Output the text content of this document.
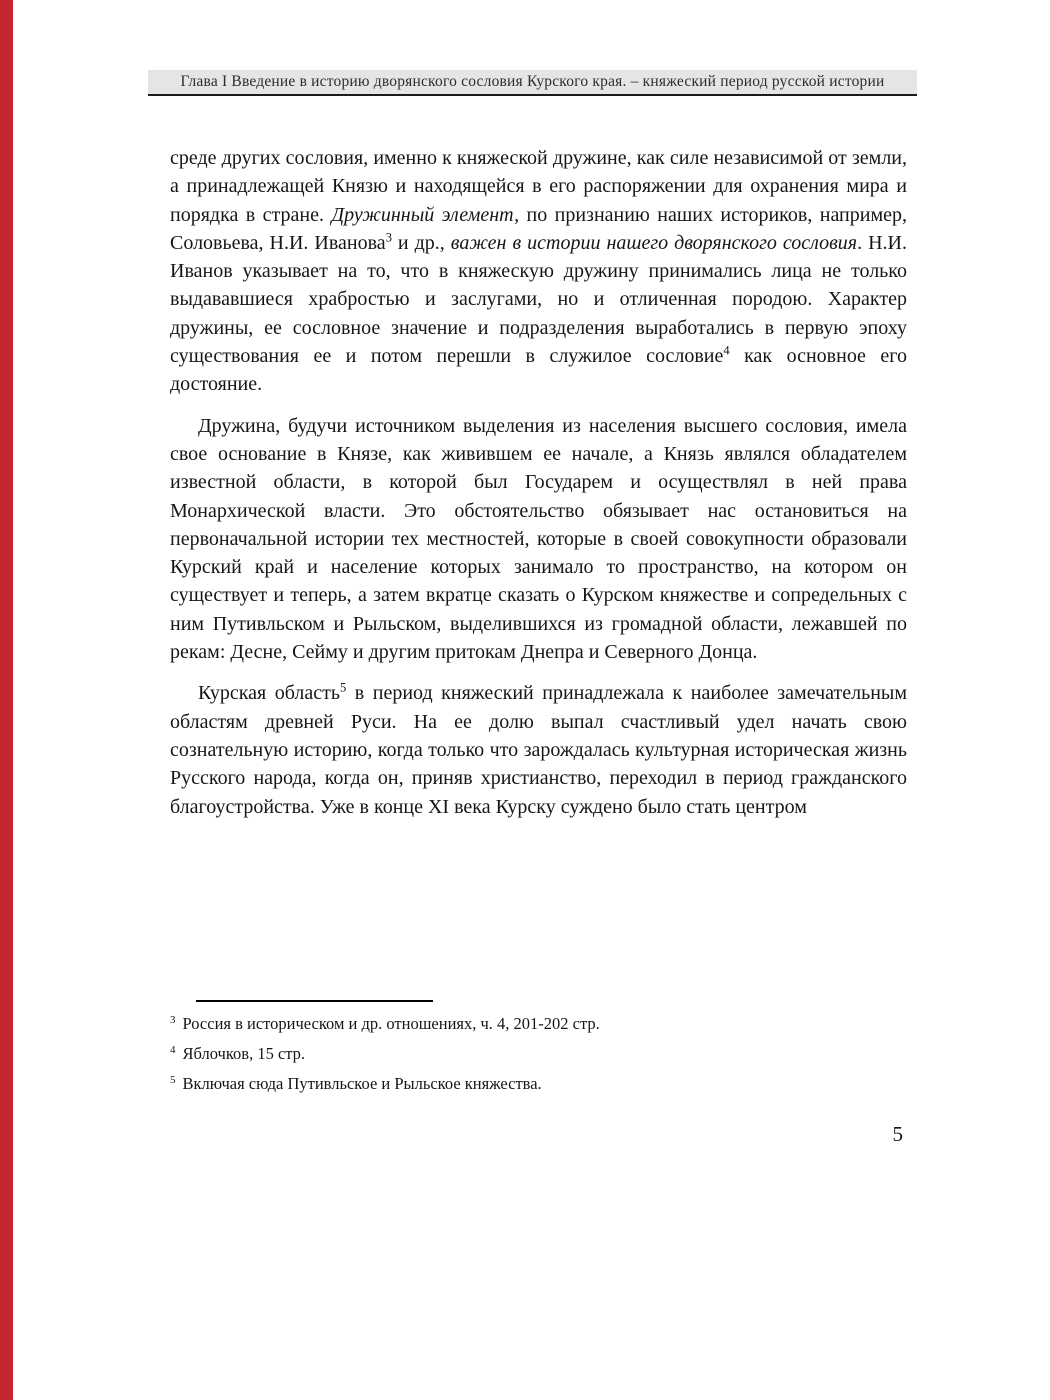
Глава I Введение в историю дворянского сословия Курского края. – княжеский период русской истории

среде других сословия, именно к княжеской дружине, как силе независимой от земли, а принадлежащей Князю и находящейся в его распоряжении для охранения мира и порядка в стране. Дружинный элемент, по признанию наших историков, например, Соловьева, Н.И. Иванова$^3$ и др., важен в истории нашего дворянского сословия. Н.И. Иванов указывает на то, что в княжескую дружину принимались лица не только выдававшиеся храбростью и заслугами, но и отличенная породою. Характер дружины, ее сословное значение и подразделения выработались в первую эпоху существования ее и потом перешли в служилое сословие$^4$ как основное его достояние.

Дружина, будучи источником выделения из населения высшего сословия, имела свое основание в Князе, как живившем ее начале, а Князь являлся обладателем известной области, в которой был Государем и осуществлял в ней права Монархической власти. Это обстоятельство обязывает нас остановиться на первоначальной истории тех местностей, которые в своей совокупности образовали Курский край и население которых занимало то пространство, на котором он существует и теперь, а затем вкратце сказать о Курском княжестве и сопредельных с ним Путивльском и Рыльском, выделившихся из громадной области, лежавшей по рекам: Десне, Сейму и другим притокам Днепра и Северного Донца.

Курская область$^5$ в период княжеский принадлежала к наиболее замечательным областям древней Руси. На ее долю выпал счастливый удел начать свою сознательную историю, когда только что зарождалась культурная историческая жизнь Русского народа, когда он, приняв христианство, переходил в период гражданского благоустройства. Уже в конце XI века Курску суждено было стать центром

$^3$ Россия в историческом и др. отношениях, ч. 4, 201-202 стр.
$^4$ Яблочков, 15 стр.
$^5$ Включая сюда Путивльское и Рыльское княжества.
5
